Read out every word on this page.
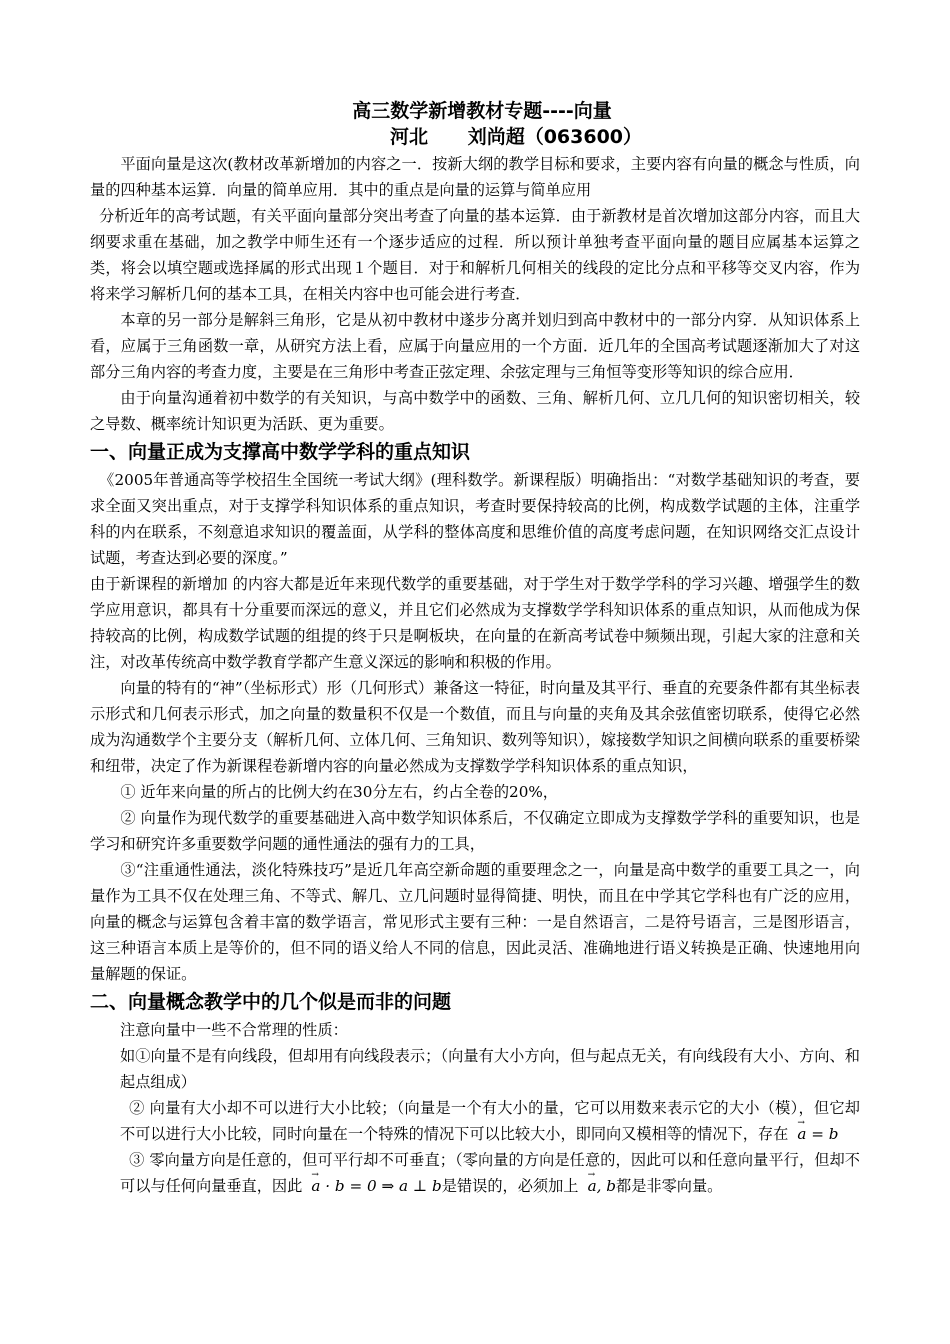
高三数学新增教材专题----向量
河北      刘尚超（063600）

平面向量是这次(教材改革新增加的内容之一．按新大纲的教学目标和要求，主要内容有向量的概念与性质，向量的四种基本运算．向量的简单应用．其中的重点是向量的运算与简单应用

分析近年的高考试题，有关平面向量部分突出考查了向量的基本运算．由于新教材是首次增加这部分内容，而且大纲要求重在基础，加之教学中师生还有一个逐步适应的过程．所以预计单独考查平面向量的题目应属基本运算之类，将会以填空题或选择属的形式出现１个题目．对于和解析几何相关的线段的定比分点和平移等交叉内容，作为将来学习解析几何的基本工具，在相关内容中也可能会进行考查．

本章的另一部分是解斜三角形，它是从初中教材中遂步分离并划归到高中教材中的一部分内穿．从知识体系上看，应属于三角函数一章，从研究方法上看，应属于向量应用的一个方面．近几年的全国高考试题逐渐加大了对这部分三角内容的考查力度，主要是在三角形中考查正弦定理、余弦定理与三角恒等变形等知识的综合应用．

由于向量沟通着初中数学的有关知识，与高中数学中的函数、三角、解析几何、立几几何的知识密切相关，较之导数、概率统计知识更为活跃、更为重要。

一、向量正成为支撑高中数学学科的重点知识

《2005年普通高等学校招生全国统一考试大纲》(理科数学。新课程版）明确指出：“对数学基础知识的考查，要求全面又突出重点，对于支撑学科知识体系的重点知识，考查时要保持较高的比例，构成数学试题的主体，注重学科的内在联系，不刻意追求知识的覆盖面，从学科的整体高度和思维价值的高度考虑问题，在知识网络交汇点设计试题，考查达到必要的深度。”

由于新课程的新增加 的内容大都是近年来现代数学的重要基础，对于学生对于数学学科的学习兴趣、增强学生的数学应用意识，都具有十分重要而深远的意义，并且它们必然成为支撑数学学科知识体系的重点知识，从而他成为保持较高的比例，构成数学试题的组提的终于只是啊板块，在向量的在新高考试卷中频频出现，引起大家的注意和关注，对改革传统高中数学教育学都产生意义深远的影响和积极的作用。

向量的特有的“神”（坐标形式）形（几何形式）兼备这一特征，时向量及其平行、垂直的充要条件都有其坐标表示形式和几何表示形式，加之向量的数量积不仅是一个数值，而且与向量的夹角及其余弦值密切联系，使得它必然成为沟通数学个主要分支（解析几何、立体几何、三角知识、数列等知识），嫁接数学知识之间横向联系的重要桥梁和纽带，决定了作为新课程卷新增内容的向量必然成为支撑数学学科知识体系的重点知识，

① 近年来向量的所占的比例大约在30分左右，约占全卷的20%，

② 向量作为现代数学的重要基础进入高中数学知识体系后，不仅确定立即成为支撑数学学科的重要知识，也是学习和研究许多重要数学问题的通性通法的强有力的工具，

③“注重通性通法，淡化特殊技巧”是近几年高空新命题的重要理念之一，向量是高中数学的重要工具之一，向量作为工具不仅在处理三角、不等式、解几、立几问题时显得简捷、明快，而且在中学其它学科也有广泛的应用，向量的概念与运算包含着丰富的数学语言，常见形式主要有三种：一是自然语言，二是符号语言，三是图形语言，这三种语言本质上是等价的，但不同的语义给人不同的信息，因此灵活、准确地进行语义转换是正确、快速地用向量解题的保证。

二、向量概念教学中的几个似是而非的问题

注意向量中一些不合常理的性质：

如①向量不是有向线段，但却用有向线段表示；（向量有大小方向，但与起点无关，有向线段有大小、方向、和起点组成）

② 向量有大小却不可以进行大小比较；（向量是一个有大小的量，它可以用数来表示它的大小（模），但它却不可以进行大小比较，同时向量在一个特殊的情况下可以比较大小，即同向又模相等的情况下，存在 → a = b

③ 零向量方向是任意的，但可平行却不可垂直；（零向量的方向是任意的，因此可以和任意向量平行，但却不可以与任何向量垂直，因此 → a · b = 0 ⇒ a ⊥ b是错误的，必须加上 → a, b都是非零向量。
